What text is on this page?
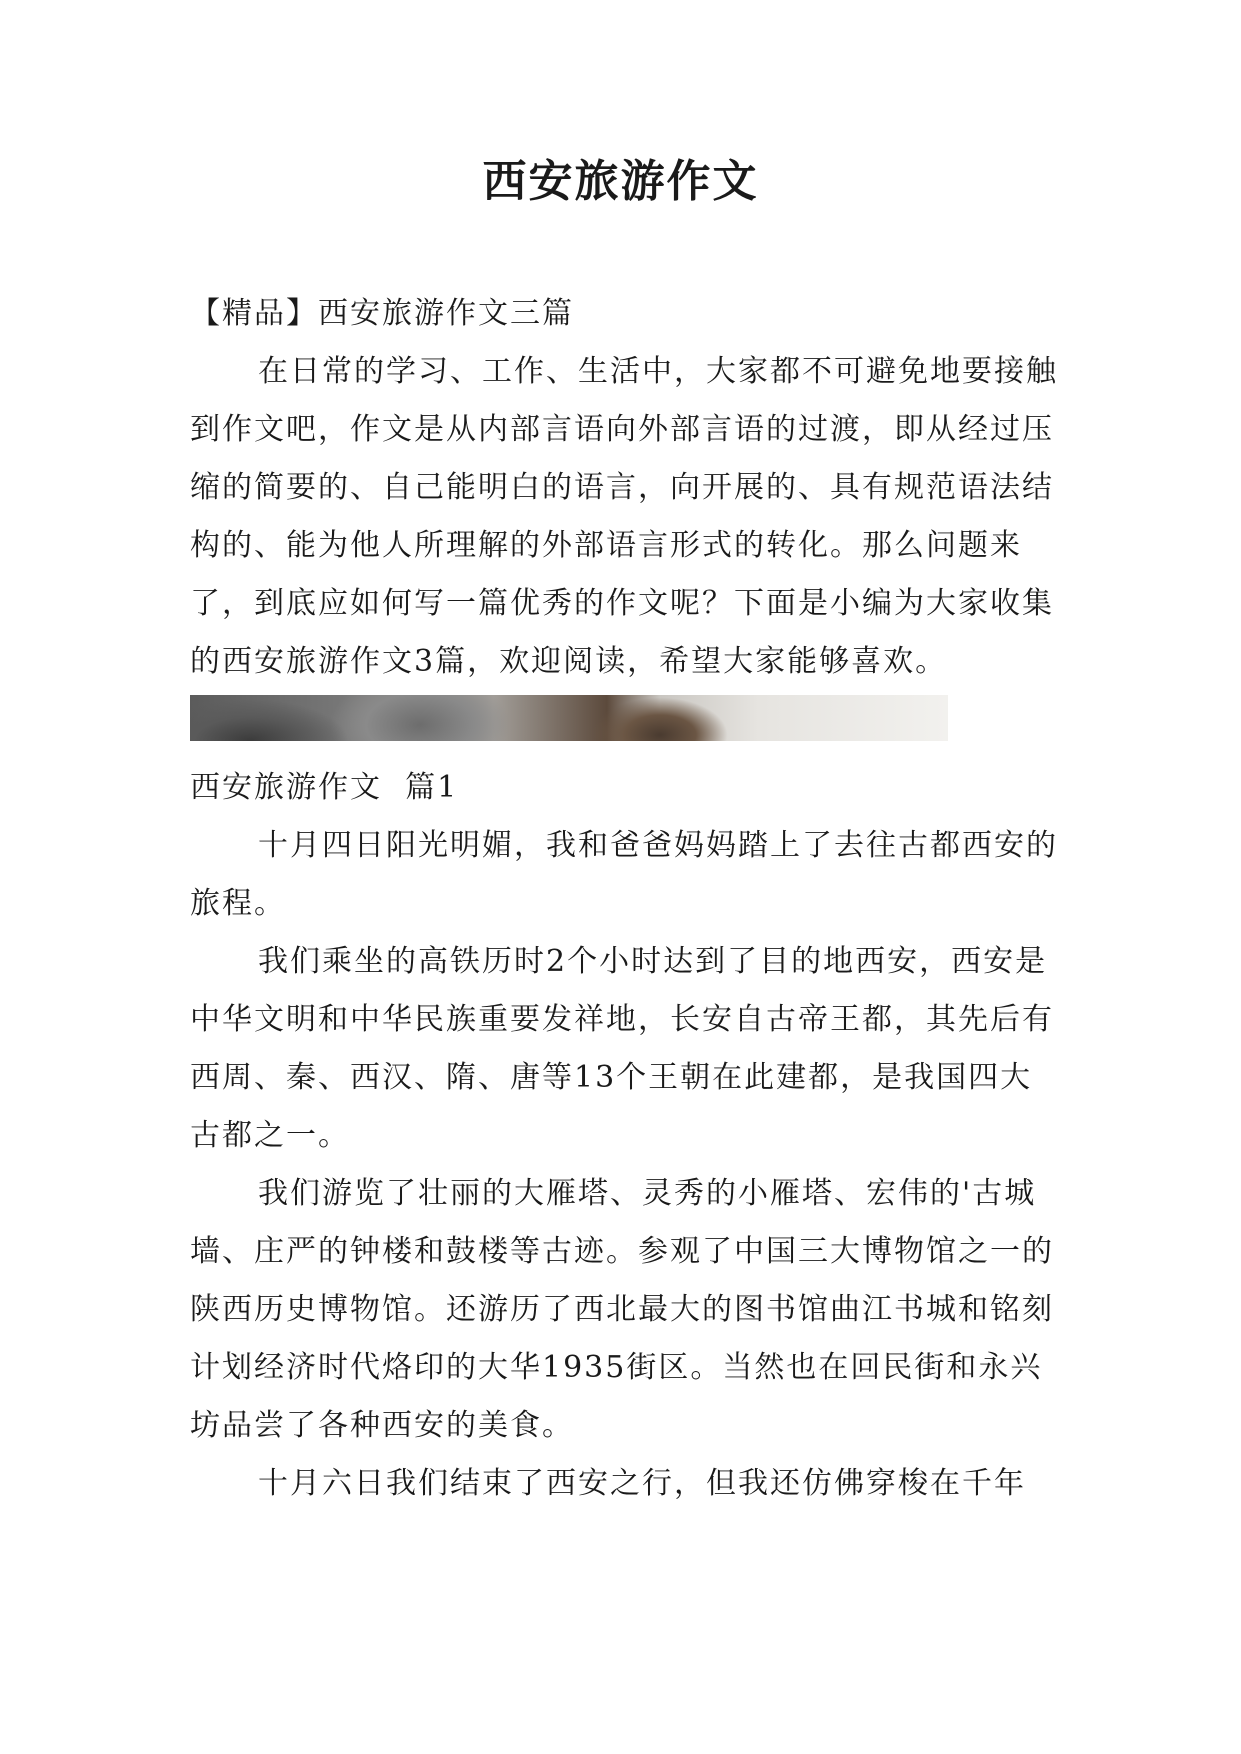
西安旅游作文

【精品】西安旅游作文三篇

在日常的学习、工作、生活中，大家都不可避免地要接触到作文吧，作文是从内部言语向外部言语的过渡，即从经过压缩的简要的、自己能明白的语言，向开展的、具有规范语法结构的、能为他人所理解的外部语言形式的转化。那么问题来了，到底应如何写一篇优秀的作文呢？下面是小编为大家收集的西安旅游作文3篇，欢迎阅读，希望大家能够喜欢。

西安旅游作文  篇1

十月四日阳光明媚，我和爸爸妈妈踏上了去往古都西安的旅程。

我们乘坐的高铁历时2个小时达到了目的地西安，西安是中华文明和中华民族重要发祥地，长安自古帝王都，其先后有西周、秦、西汉、隋、唐等13个王朝在此建都，是我国四大古都之一。

我们游览了壮丽的大雁塔、灵秀的小雁塔、宏伟的'古城墙、庄严的钟楼和鼓楼等古迹。参观了中国三大博物馆之一的陕西历史博物馆。还游历了西北最大的图书馆曲江书城和铭刻计划经济时代烙印的大华1935街区。当然也在回民街和永兴坊品尝了各种西安的美食。

十月六日我们结束了西安之行，但我还仿佛穿梭在千年
